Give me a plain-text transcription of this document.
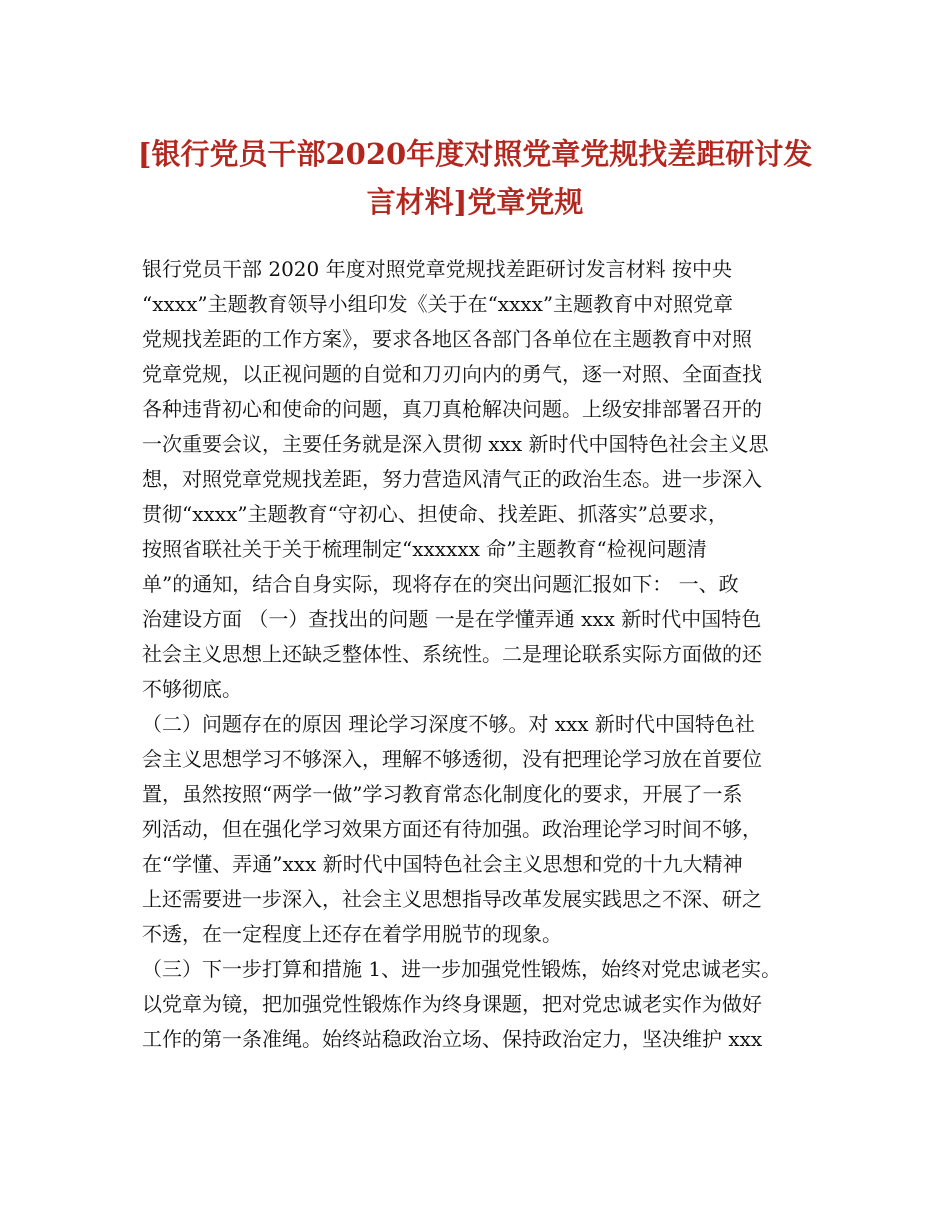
[银行党员干部2020年度对照党章党规找差距研讨发
言材料]党章党规
银行党员干部 2020 年度对照党章党规找差距研讨发言材料 按中央
“xxxx”主题教育领导小组印发《关于在“xxxx”主题教育中对照党章
党规找差距的工作方案》，要求各地区各部门各单位在主题教育中对照
党章党规，以正视问题的自觉和刀刃向内的勇气，逐一对照、全面查找
各种违背初心和使命的问题，真刀真枪解决问题。上级安排部署召开的
一次重要会议，主要任务就是深入贯彻 xxx 新时代中国特色社会主义思
想，对照党章党规找差距，努力营造风清气正的政治生态。进一步深入
贯彻“xxxx”主题教育“守初心、担使命、找差距、抓落实”总要求，
按照省联社关于关于梳理制定“xxxxxx 命”主题教育“检视问题清
单”的通知，结合自身实际，现将存在的突出问题汇报如下： 一、政
治建设方面 （一）查找出的问题 一是在学懂弄通 xxx 新时代中国特色
社会主义思想上还缺乏整体性、系统性。二是理论联系实际方面做的还
不够彻底。
（二）问题存在的原因 理论学习深度不够。对 xxx 新时代中国特色社
会主义思想学习不够深入，理解不够透彻，没有把理论学习放在首要位
置，虽然按照“两学一做”学习教育常态化制度化的要求，开展了一系
列活动，但在强化学习效果方面还有待加强。政治理论学习时间不够，
在“学懂、弄通”xxx 新时代中国特色社会主义思想和党的十九大精神
上还需要进一步深入，社会主义思想指导改革发展实践思之不深、研之
不透，在一定程度上还存在着学用脱节的现象。
（三）下一步打算和措施 1、进一步加强党性锻炼，始终对党忠诚老实。
以党章为镜，把加强党性锻炼作为终身课题，把对党忠诚老实作为做好
工作的第一条准绳。始终站稳政治立场、保持政治定力，坚决维护 xxx
